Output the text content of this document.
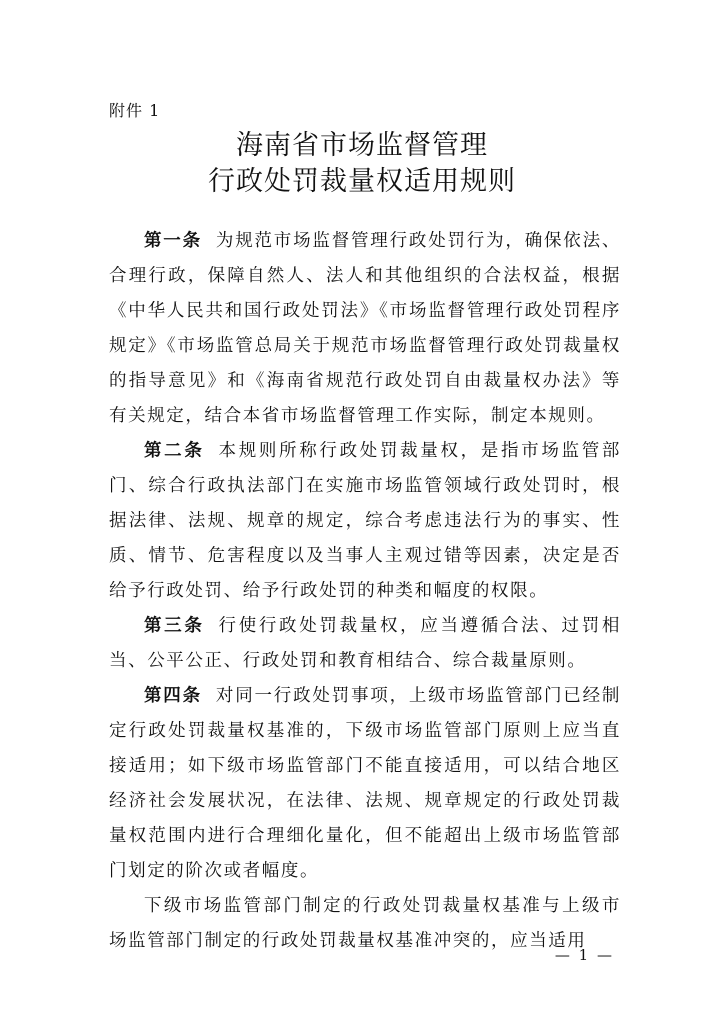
附件 1
海南省市场监督管理
行政处罚裁量权适用规则

第一条 为规范市场监督管理行政处罚行为，确保依法、合理行政，保障自然人、法人和其他组织的合法权益，根据《中华人民共和国行政处罚法》《市场监督管理行政处罚程序规定》《市场监管总局关于规范市场监督管理行政处罚裁量权的指导意见》和《海南省规范行政处罚自由裁量权办法》等有关规定，结合本省市场监督管理工作实际，制定本规则。

第二条 本规则所称行政处罚裁量权，是指市场监管部门、综合行政执法部门在实施市场监管领域行政处罚时，根据法律、法规、规章的规定，综合考虑违法行为的事实、性质、情节、危害程度以及当事人主观过错等因素，决定是否给予行政处罚、给予行政处罚的种类和幅度的权限。

第三条 行使行政处罚裁量权，应当遵循合法、过罚相当、公平公正、行政处罚和教育相结合、综合裁量原则。

第四条 对同一行政处罚事项，上级市场监管部门已经制定行政处罚裁量权基准的，下级市场监管部门原则上应当直接适用；如下级市场监管部门不能直接适用，可以结合地区经济社会发展状况，在法律、法规、规章规定的行政处罚裁量权范围内进行合理细化量化，但不能超出上级市场监管部门划定的阶次或者幅度。

下级市场监管部门制定的行政处罚裁量权基准与上级市场监管部门制定的行政处罚裁量权基准冲突的，应当适用

— 1 —
